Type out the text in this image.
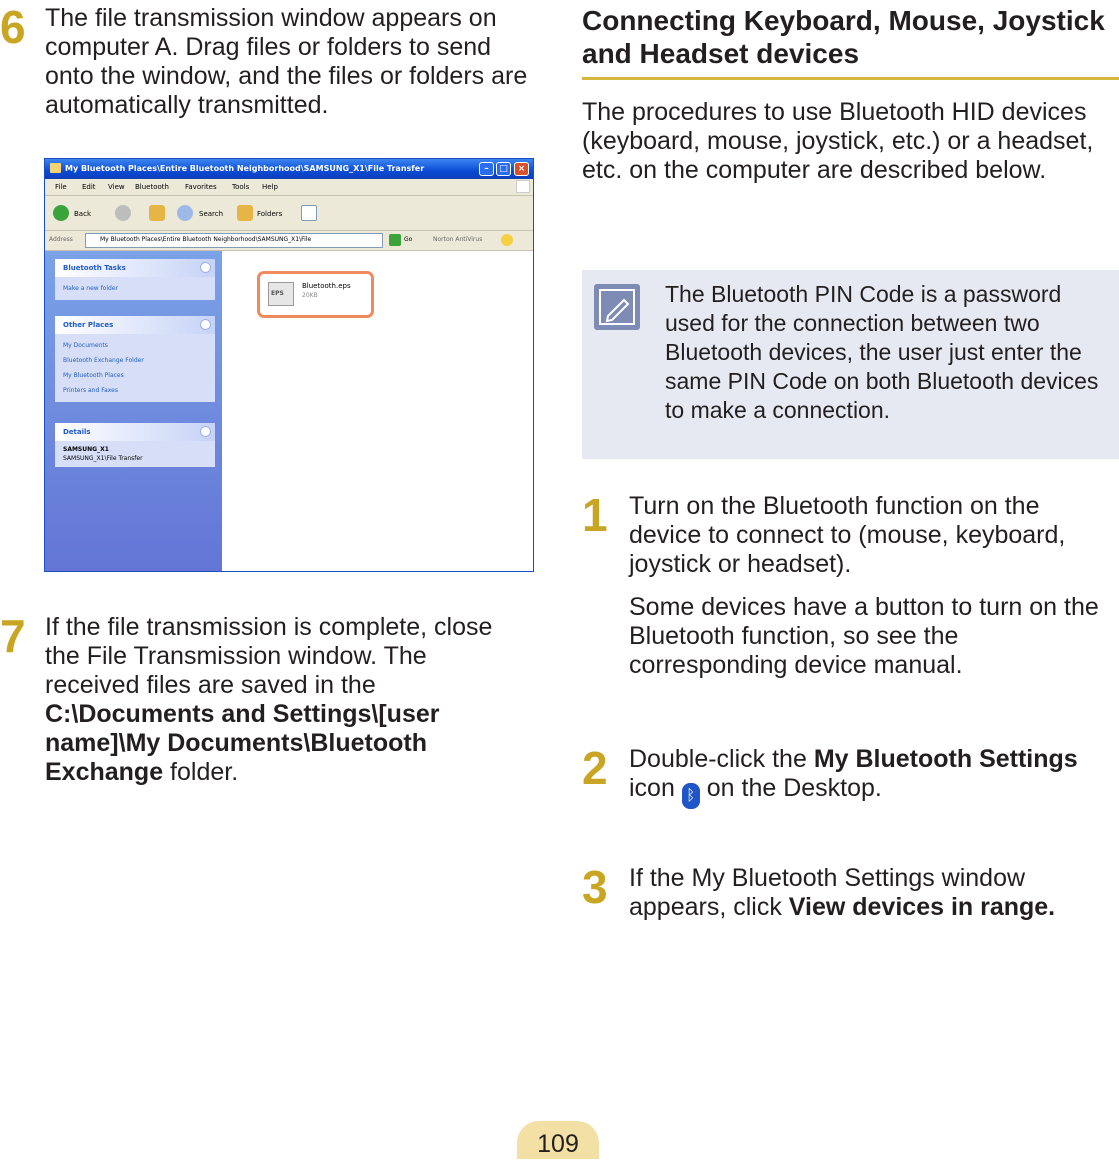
6 The file transmission window appears on computer A. Drag files or folders to send onto the window, and the files or folders are automatically transmitted.
My Bluetooth Places\Entire Bluetooth Neighborhood\SAMSUNG_X1\File Transfer	–	□	×
File Edit View Bluetooth Favorites Tools Help
Back	Search	Folders
Address	My Bluetooth Places\Entire Bluetooth Neighborhood\SAMSUNG_X1\File	Go	Norton AntiVirus
Bluetooth Tasks
Make a new folder
Other Places
My Documents
Bluetooth Exchange Folder
My Bluetooth Places
Printers and Faxes
Details
SAMSUNG_X1
SAMSUNG_X1\File Transfer
EPS
Bluetooth.eps
20KB
7 If the file transmission is complete, close the File Transmission window. The received files are saved in the C:\Documents and Settings\[user name]\My Documents\Bluetooth Exchange folder.
Connecting Keyboard, Mouse, Joystick and Headset devices
The procedures to use Bluetooth HID devices (keyboard, mouse, joystick, etc.) or a headset, etc. on the computer are described below.
The Bluetooth PIN Code is a password used for the connection between two Bluetooth devices, the user just enter the same PIN Code on both Bluetooth devices to make a connection.
1 Turn on the Bluetooth function on the device to connect to (mouse, keyboard, joystick or headset).
Some devices have a button to turn on the Bluetooth function, so see the corresponding device manual.
2 Double-click the My Bluetooth Settings icon ᛒ on the Desktop.
3 If the My Bluetooth Settings window appears, click View devices in range.
109
